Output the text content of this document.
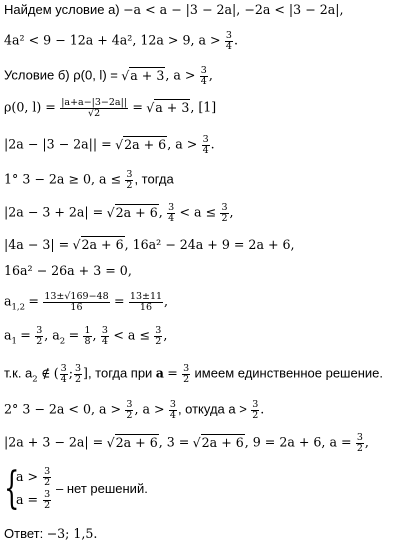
Найдем условие а) −a < a − |3 − 2a|, −2a < |3 − 2a|,
4a² < 9 − 12a + 4a², 12a > 9, $a > \frac{3}{4}$ .
Условие б) ρ(0, l) = √a + 3, $a > \frac{3}{4}$ ,
ρ(0, $l) = \frac{|a+a-|3-2a||}{√2} = √a + 3$, [1]
|2a − |3 − 2a|| = √2a + 6, $a > \frac{3}{4}$ .
1° 3 − 2a ≥ 0, $a \le \frac{3}{2}$ , тогда
|2a − 3 + 2a| = √2a + 6, $\frac{3}{4} < a \le \frac{3}{2}$ ,
|4a − 3| = √2a + 6, 16a² − 24a + 9 = 2a + 6,
16a² − 26a + 3 = 0,
$a_{1,2} = \frac{13\pm√169-48}{16} = \frac{13\pm 11}{16}$ ,
$a_1 = \frac{3}{2}$ , $a_2 = \frac{1}{8}$ , $\frac{3}{4} < a \le \frac{3}{2}$ ,
т.к. $a_2$ ∉ ( $\frac{3}{4}$ ; $\frac{3}{2}$ ], тогда при $a = \frac{3}{2}$ имеем единственное решение.
2° 3 − 2a < 0, $a > \frac{3}{2}$ , $a > \frac{3}{4}$ , откуда $a > \frac{3}{2}$ .
|2a + 3 − 2a| = √2a + 6, 3 = √2a + 6, 9 = 2a + 6, $a = \frac{3}{2}$ ,
{
$a > \frac{3}{2}$
$a = \frac{3}{2}$
– нет решений.
Ответ: −3; 1,5.
